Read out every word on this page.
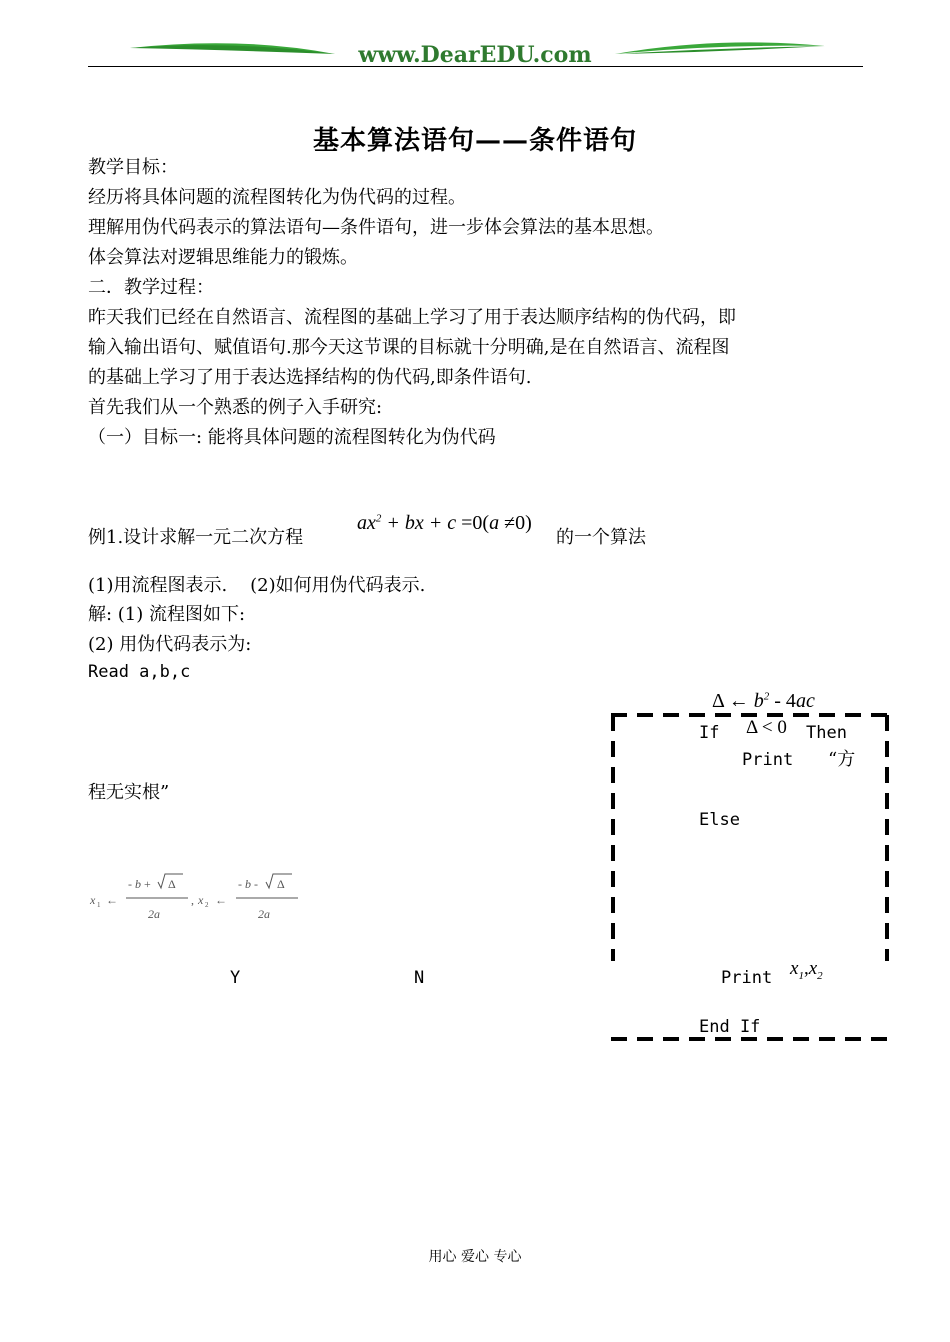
www.DearEDU.com
基本算法语句——条件语句
教学目标：
经历将具体问题的流程图转化为伪代码的过程。
理解用伪代码表示的算法语句—条件语句，进一步体会算法的基本思想。
体会算法对逻辑思维能力的锻炼。
二．教学过程：
昨天我们已经在自然语言、流程图的基础上学习了用于表达顺序结构的伪代码，即
输入输出语句、赋值语句.那今天这节课的目标就十分明确,是在自然语言、流程图
的基础上学习了用于表达选择结构的伪代码,即条件语句.
首先我们从一个熟悉的例子入手研究:
（一）目标一: 能将具体问题的流程图转化为伪代码
例1.设计求解一元二次方程
$ax^2$ + bx + c =0(a ≠0)
的一个算法
(1)用流程图表示.    (2)如何用伪代码表示.
解: (1) 流程图如下:
(2) 用伪代码表示为:
Read a,b,c
Δ ← $b^2 - 4ac$
If Δ < 0 Then
Print “方
程无实根”
Else
x 1 ←
- b + Δ
2a
, x 2 ←
- b - Δ
2a
Y	N	Print $x_1,x_2$
End If
用心 爱心 专心
